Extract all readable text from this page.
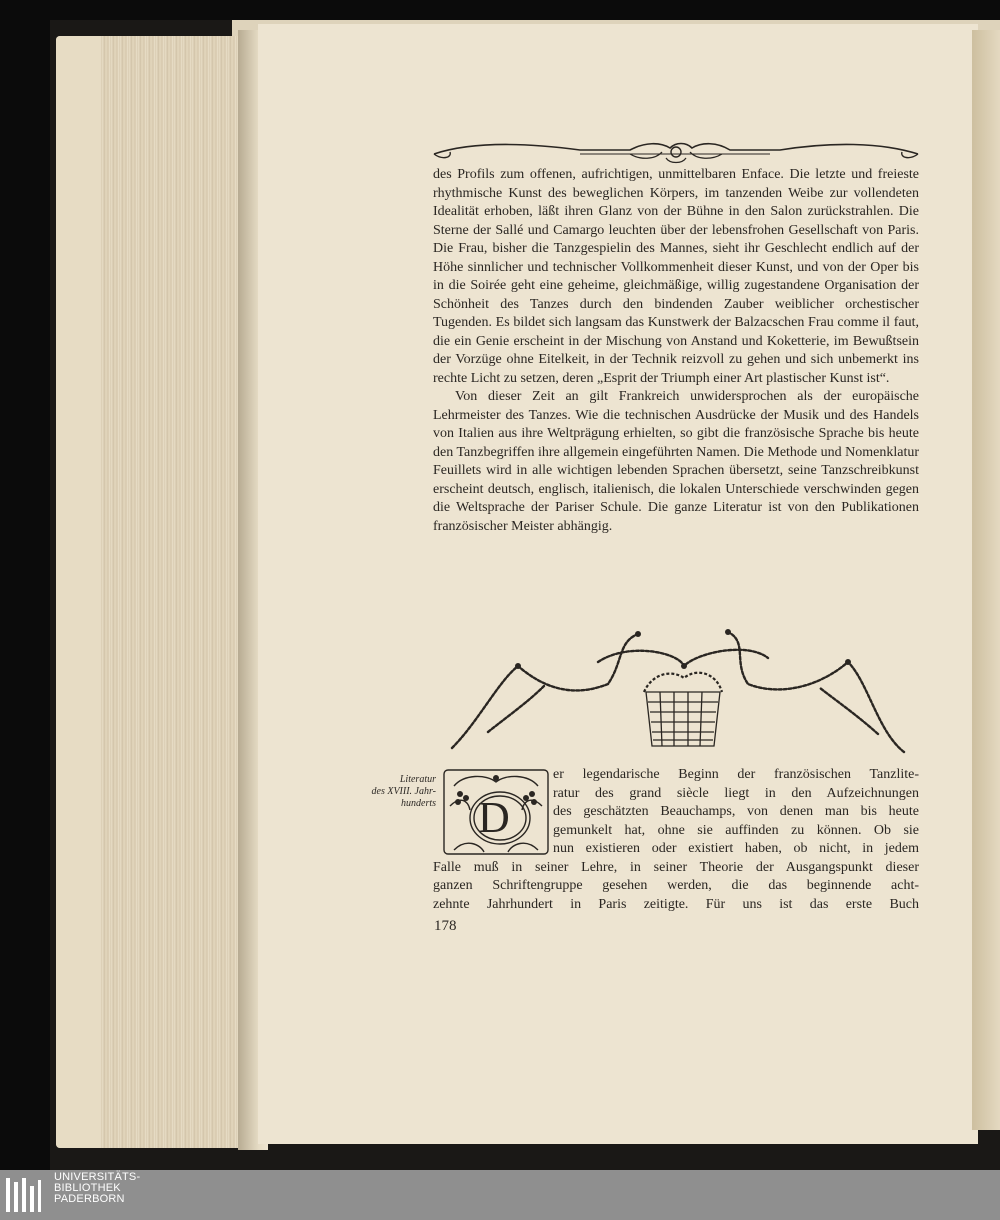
des Profils zum offenen, aufrichtigen, unmittelbaren Enface. Die letzte und freieste rhythmische Kunst des beweglichen Körpers, im tanzenden Weibe zur vollendeten Idealität erhoben, läßt ihren Glanz von der Bühne in den Salon zurückstrahlen. Die Sterne der Sallé und Camargo leuchten über der lebensfrohen Gesellschaft von Paris. Die Frau, bisher die Tanzgespielin des Mannes, sieht ihr Geschlecht endlich auf der Höhe sinnlicher und technischer Vollkommenheit dieser Kunst, und von der Oper bis in die Soirée geht eine geheime, gleichmäßige, willig zugestandene Organisation der Schönheit des Tanzes durch den bindenden Zauber weiblicher orchestischer Tugenden. Es bildet sich langsam das Kunstwerk der Balzacschen Frau comme il faut, die ein Genie erscheint in der Mischung von Anstand und Koketterie, im Bewußtsein der Vorzüge ohne Eitelkeit, in der Technik reizvoll zu gehen und sich unbemerkt ins rechte Licht zu setzen, deren „Esprit der Triumph einer Art plastischer Kunst ist“.

Von dieser Zeit an gilt Frankreich unwidersprochen als der europäische Lehrmeister des Tanzes. Wie die technischen Ausdrücke der Musik und des Handels von Italien aus ihre Weltprägung erhielten, so gibt die französische Sprache bis heute den Tanzbegriffen ihre allgemein eingeführten Namen. Die Methode und Nomenklatur Feuillets wird in alle wichtigen lebenden Sprachen übersetzt, seine Tanzschreibkunst erscheint deutsch, englisch, italienisch, die lokalen Unterschiede verschwinden gegen die Weltsprache der Pariser Schule. Die ganze Literatur ist von den Publikationen französischer Meister abhängig.

Literatur
des XVIII. Jahr-
hunderts D
er legendarische Beginn der französischen Tanzlite-
ratur des grand siècle liegt in den Aufzeichnungen
des geschätzten Beauchamps, von denen man bis heute
gemunkelt hat, ohne sie auffinden zu können. Ob sie
nun existieren oder existiert haben, ob nicht, in jedem
Falle muß in seiner Lehre, in seiner Theorie der Ausgangspunkt dieser
ganzen Schriftengruppe gesehen werden, die das beginnende acht-
zehnte Jahrhundert in Paris zeitigte. Für uns ist das erste Buch
178
UNIVERSITÄTS-
BIBLIOTHEK
PADERBORN
